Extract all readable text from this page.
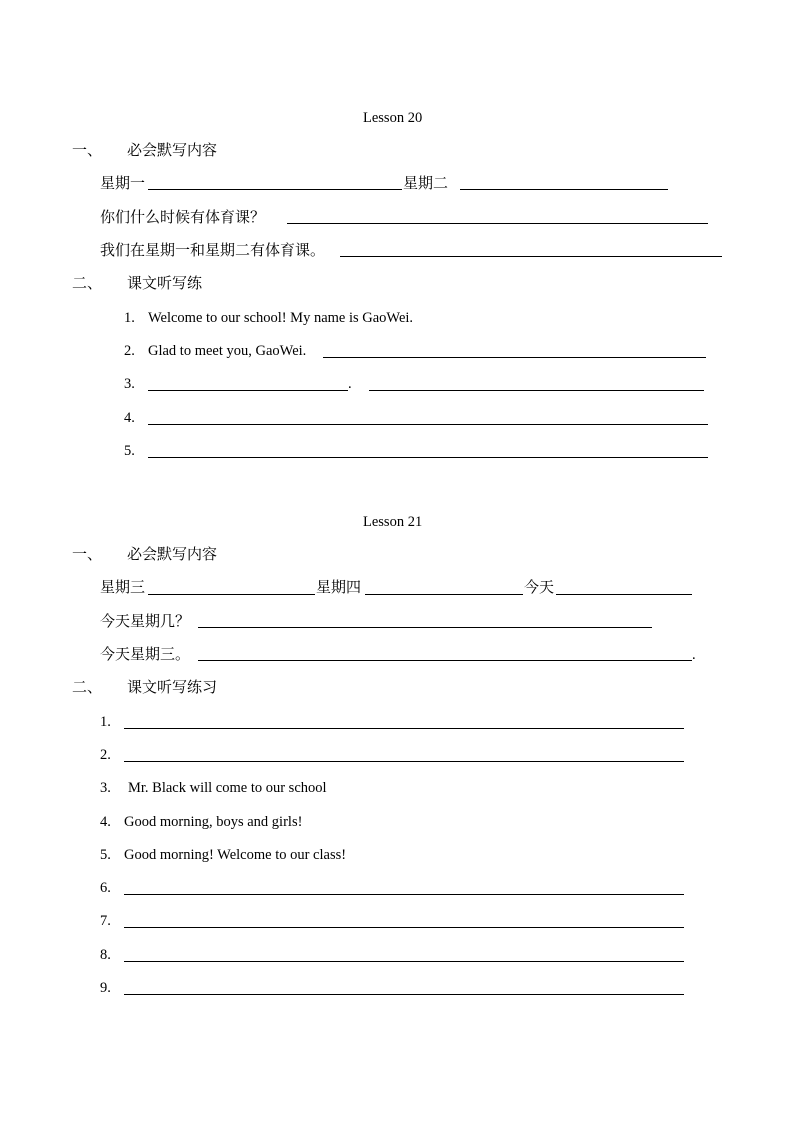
Lesson 20
一、 必会默写内容
星期一	星期二
你们什么时候有体育课？
我们在星期一和星期二有体育课。
二、 课文听写练
1. Welcome to our school! My name is GaoWei.
2. Glad to meet you, GaoWei.
3.	.
4.
5.
Lesson 21
一、 必会默写内容
星期三	星期四	今天
今天星期几？
今天星期三。	.
二、 课文听写练习
1.
2.
3. Mr. Black will come to our school
4. Good morning, boys and girls!
5. Good morning! Welcome to our class!
6.
7.
8.
9.
